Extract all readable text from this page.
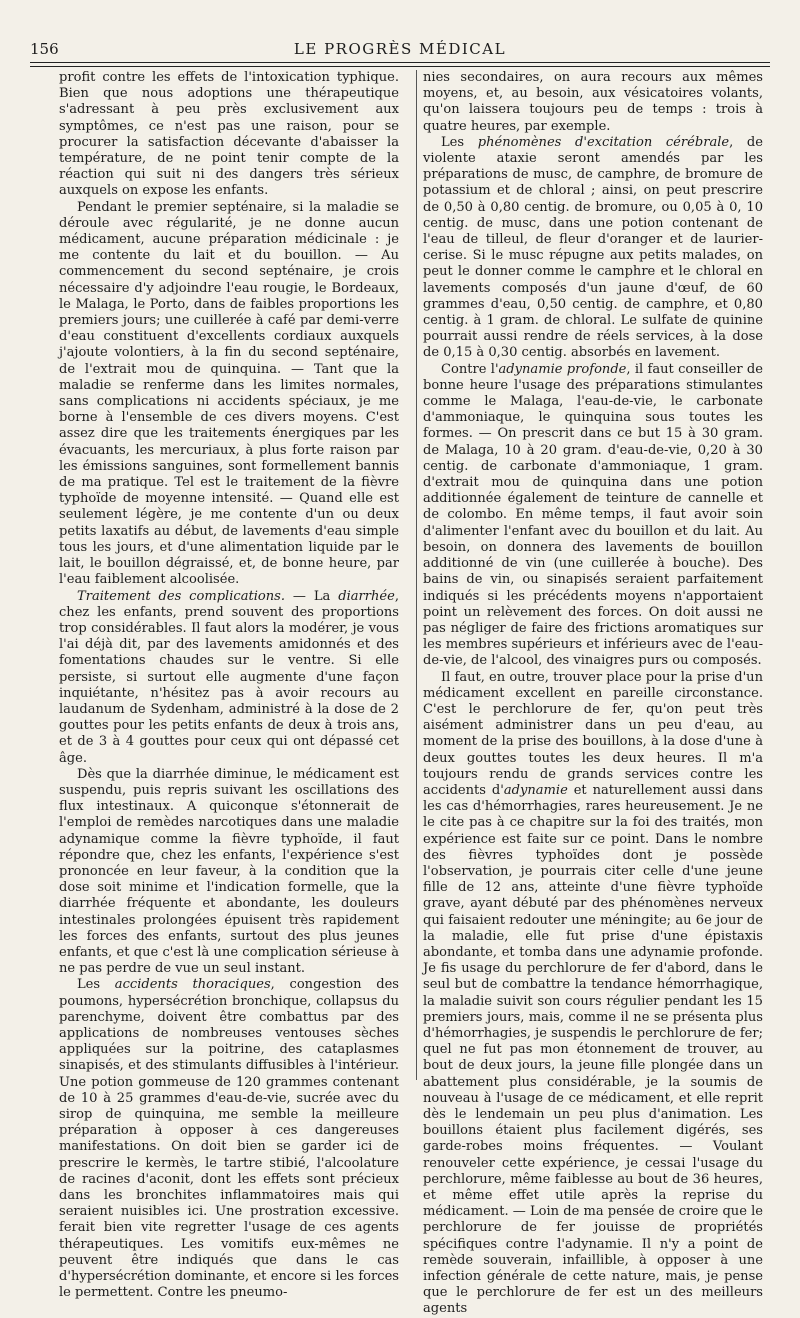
156	LE PROGRÈS MÉDICAL

profit contre les effets de l'intoxication typhique. Bien que nous adoptions une thérapeutique s'adressant à peu près exclusivement aux symptômes, ce n'est pas une raison, pour se procurer la satisfaction décevante d'abaisser la température, de ne point tenir compte de la réaction qui suit ni des dangers très sérieux auxquels on expose les enfants.

Pendant le premier septénaire, si la maladie se déroule avec régularité, je ne donne aucun médicament, aucune préparation médicinale : je me contente du lait et du bouillon. — Au commencement du second septénaire, je crois nécessaire d'y adjoindre l'eau rougie, le Bordeaux, le Malaga, le Porto, dans de faibles proportions les premiers jours; une cuillerée à café par demi-verre d'eau constituent d'excellents cordiaux auxquels j'ajoute volontiers, à la fin du second septénaire, de l'extrait mou de quinquina. — Tant que la maladie se renferme dans les limites normales, sans complications ni accidents spéciaux, je me borne à l'ensemble de ces divers moyens. C'est assez dire que les traitements énergiques par les évacuants, les mercuriaux, à plus forte raison par les émissions sanguines, sont formellement bannis de ma pratique. Tel est le traitement de la fièvre typhoïde de moyenne intensité. — Quand elle est seulement légère, je me contente d'un ou deux petits laxatifs au début, de lavements d'eau simple tous les jours, et d'une alimentation liquide par le lait, le bouillon dégraissé, et, de bonne heure, par l'eau faiblement alcoolisée.

Traitement des complications. — La diarrhée, chez les enfants, prend souvent des proportions trop considérables. Il faut alors la modérer, je vous l'ai déjà dit, par des lavements amidonnés et des fomentations chaudes sur le ventre. Si elle persiste, si surtout elle augmente d'une façon inquiétante, n'hésitez pas à avoir recours au laudanum de Sydenham, administré à la dose de 2 gouttes pour les petits enfants de deux à trois ans, et de 3 à 4 gouttes pour ceux qui ont dépassé cet âge.

Dès que la diarrhée diminue, le médicament est suspendu, puis repris suivant les oscillations des flux intestinaux. A quiconque s'étonnerait de l'emploi de remèdes narcotiques dans une maladie adynamique comme la fièvre typhoïde, il faut répondre que, chez les enfants, l'expérience s'est prononcée en leur faveur, à la condition que la dose soit minime et l'indication formelle, que la diarrhée fréquente et abondante, les douleurs intestinales prolongées épuisent très rapidement les forces des enfants, surtout des plus jeunes enfants, et que c'est là une complication sérieuse à ne pas perdre de vue un seul instant.

Les accidents thoraciques, congestion des poumons, hypersécrétion bronchique, collapsus du parenchyme, doivent être combattus par des applications de nombreuses ventouses sèches appliquées sur la poitrine, des cataplasmes sinapisés, et des stimulants diffusibles à l'intérieur. Une potion gommeuse de 120 grammes contenant de 10 à 25 grammes d'eau-de-vie, sucrée avec du sirop de quinquina, me semble la meilleure préparation à opposer à ces dangereuses manifestations. On doit bien se garder ici de prescrire le kermès, le tartre stibié, l'alcoolature de racines d'aconit, dont les effets sont précieux dans les bronchites inflammatoires mais qui seraient nuisibles ici. Une prostration excessive. ferait bien vite regretter l'usage de ces agents thérapeutiques. Les vomitifs eux-mêmes ne peuvent être indiqués que dans le cas d'hypersécrétion dominante, et encore si les forces le permettent. Contre les pneumo-

nies secondaires, on aura recours aux mêmes moyens, et, au besoin, aux vésicatoires volants, qu'on laissera toujours peu de temps : trois à quatre heures, par exemple.

Les phénomènes d'excitation cérébrale, de violente ataxie seront amendés par les préparations de musc, de camphre, de bromure de potassium et de chloral ; ainsi, on peut prescrire de 0,50 à 0,80 centig. de bromure, ou 0,05 à 0, 10 centig. de musc, dans une potion contenant de l'eau de tilleul, de fleur d'oranger et de laurier-cerise. Si le musc répugne aux petits malades, on peut le donner comme le camphre et le chloral en lavements composés d'un jaune d'œuf, de 60 grammes d'eau, 0,50 centig. de camphre, et 0,80 centig. à 1 gram. de chloral. Le sulfate de quinine pourrait aussi rendre de réels services, à la dose de 0,15 à 0,30 centig. absorbés en lavement.

Contre l'adynamie profonde, il faut conseiller de bonne heure l'usage des préparations stimulantes comme le Malaga, l'eau-de-vie, le carbonate d'ammoniaque, le quinquina sous toutes les formes. — On prescrit dans ce but 15 à 30 gram. de Malaga, 10 à 20 gram. d'eau-de-vie, 0,20 à 30 centig. de carbonate d'ammoniaque, 1 gram. d'extrait mou de quinquina dans une potion additionnée également de teinture de cannelle et de colombo. En même temps, il faut avoir soin d'alimenter l'enfant avec du bouillon et du lait. Au besoin, on donnera des lavements de bouillon additionné de vin (une cuillerée à bouche). Des bains de vin, ou sinapisés seraient parfaitement indiqués si les précédents moyens n'apportaient point un relèvement des forces. On doit aussi ne pas négliger de faire des frictions aromatiques sur les membres supérieurs et inférieurs avec de l'eau-de-vie, de l'alcool, des vinaigres purs ou composés.

Il faut, en outre, trouver place pour la prise d'un médicament excellent en pareille circonstance. C'est le perchlorure de fer, qu'on peut très aisément administrer dans un peu d'eau, au moment de la prise des bouillons, à la dose d'une à deux gouttes toutes les deux heures. Il m'a toujours rendu de grands services contre les accidents d'adynamie et naturellement aussi dans les cas d'hémorrhagies, rares heureusement. Je ne le cite pas à ce chapitre sur la foi des traités, mon expérience est faite sur ce point. Dans le nombre des fièvres typhoïdes dont je possède l'observation, je pourrais citer celle d'une jeune fille de 12 ans, atteinte d'une fièvre typhoïde grave, ayant débuté par des phénomènes nerveux qui faisaient redouter une méningite; au 6e jour de la maladie, elle fut prise d'une épistaxis abondante, et tomba dans une adynamie profonde. Je fis usage du perchlorure de fer d'abord, dans le seul but de combattre la tendance hémorrhagique, la maladie suivit son cours régulier pendant les 15 premiers jours, mais, comme il ne se présenta plus d'hémorrhagies, je suspendis le perchlorure de fer; quel ne fut pas mon étonnement de trouver, au bout de deux jours, la jeune fille plongée dans un abattement plus considérable, je la soumis de nouveau à l'usage de ce médicament, et elle reprit dès le lendemain un peu plus d'animation. Les bouillons étaient plus facilement digérés, ses garde-robes moins fréquentes. — Voulant renouveler cette expérience, je cessai l'usage du perchlorure, même faiblesse au bout de 36 heures, et même effet utile après la reprise du médicament. — Loin de ma pensée de croire que le perchlorure de fer jouisse de propriétés spécifiques contre l'adynamie. Il n'y a point de remède souverain, infaillible, à opposer à une infection générale de cette nature, mais, je pense que le perchlorure de fer est un des meilleurs agents
